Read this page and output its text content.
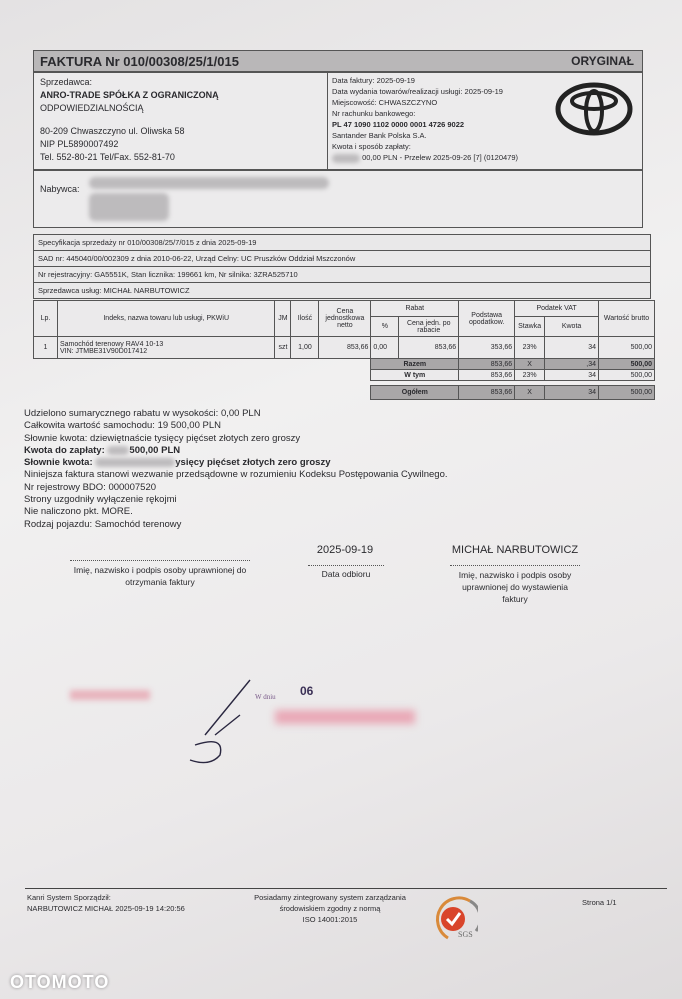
FAKTURA Nr 010/00308/25/1/015	ORYGINAŁ
Sprzedawca:
ANRO-TRADE SPÓŁKA Z OGRANICZONĄ
ODPOWIEDZIALNOŚCIĄ
80-209 Chwaszczyno ul. Oliwska 58
NIP PL5890007492
Tel. 552-80-21 Tel/Fax. 552-81-70
Data faktury: 2025-09-19
Data wydania towarów/realizacji usługi: 2025-09-19
Miejscowość: CHWASZCZYNO
Nr rachunku bankowego:
PL 47 1090 1102 0000 0001 4726 9022
Santander Bank Polska S.A.
Kwota i sposób zapłaty:
00,00 PLN - Przelew 2025-09-26 [7] (0120479)
Nabywca:
Specyfikacja sprzedaży nr 010/00308/25/7/015 z dnia 2025-09-19
SAD nr: 445040/00/002309 z dnia 2010-06-22, Urząd Celny: UC Pruszków Oddział Mszczonów
Nr rejestracyjny: GA5551K, Stan licznika: 199661 km, Nr silnika: 3ZRA525710
Sprzedawca usług: MICHAŁ NARBUTOWICZ
Lp.	Indeks, nazwa towaru lub usługi, PKWiU	JM	Ilość	Cena jednostkowa netto	Rabat		Podstawa opodatkow.	Podatek VAT		Wartość brutto
					%	Cena jedn. po rabacie		Stawka	Kwota	
1	Samochód terenowy RAV4 10-13
VIN: JTMBE31V90D017412	szt	1,00	853,66	0,00	853,66	353,66	23%	34	500,00
					Razem		853,66	X	,34	500,00
					W tym		853,66	23%	34	500,00

					Ogółem		853,66	X	34	500,00
Udzielono sumarycznego rabatu w wysokości: 0,00 PLN
Całkowita wartość samochodu: 19 500,00 PLN
Słownie kwota: dziewiętnaście tysięcy pięćset złotych zero groszy
Kwota do zapłaty:	500,00 PLN
Słownie kwota:	ysięcy pięćset złotych zero groszy
Niniejsza faktura stanowi wezwanie przedsądowne w rozumieniu Kodeksu Postępowania Cywilnego.
Nr rejestrowy BDO: 000007520
Strony uzgodniły wyłączenie rękojmi
Nie naliczono pkt. MORE.
Rodzaj pojazdu: Samochód terenowy
Imię, nazwisko i podpis osoby uprawnionej do otrzymania faktury
2025-09-19
Data odbioru
MICHAŁ NARBUTOWICZ
Imię, nazwisko i podpis osoby uprawnionej do wystawienia faktury
W dniu 06
Kanri System Sporządził:
NARBUTOWICZ MICHAŁ 2025-09-19 14:20:56
Posiadamy zintegrowany system zarządzania
środowiskiem zgodny z normą
ISO 14001:2015
SGS
Strona 1/1
OTOMOTO
